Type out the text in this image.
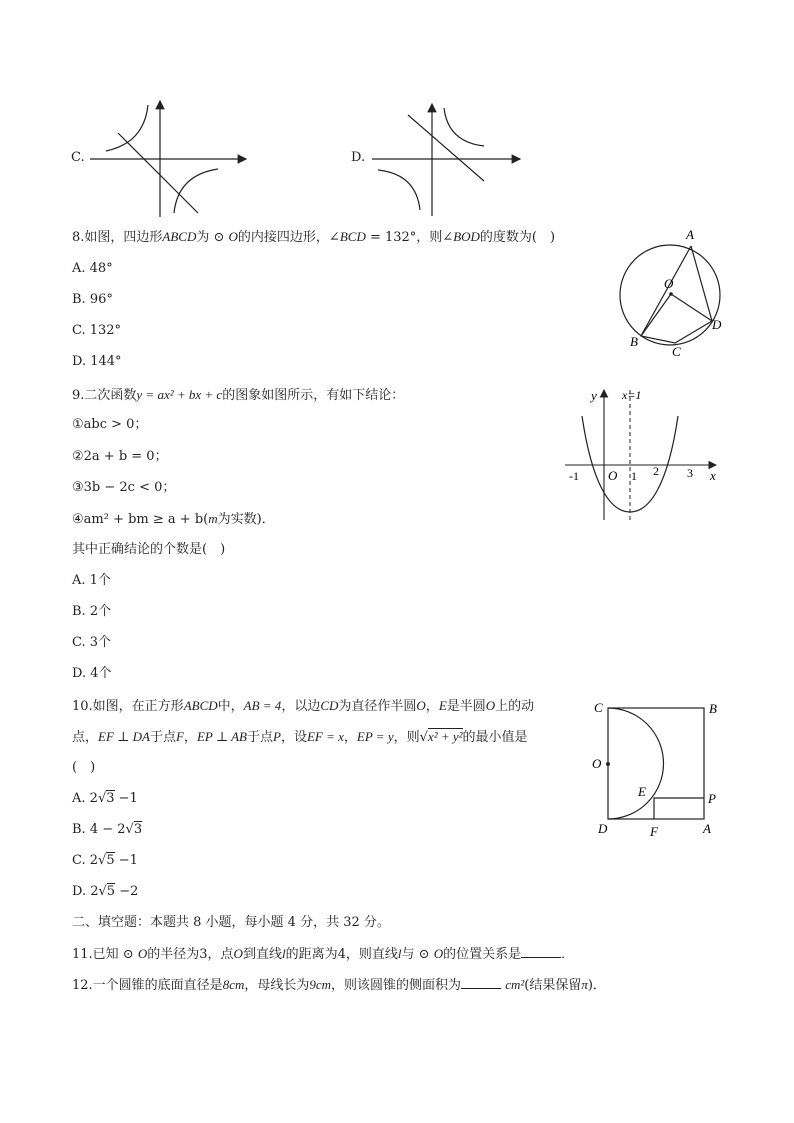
C.	D.
8.如图，四边形ABCD为 ⊙ O的内接四边形，∠BCD = 132°，则∠BOD的度数为(　)
A. 48°
B. 96°
C. 132°
D. 144°
A
O
B
C
D
9.二次函数y = ax² + bx + c的图象如图所示，有如下结论：
①abc > 0；
②2a + b = 0；
③3b − 2c < 0；
④am² + bm ≥ a + b(m为实数)．
其中正确结论的个数是(　)
A. 1个
B. 2个
C. 3个
D. 4个
y x=1
-1 O 1 2 3 x
10.如图，在正方形ABCD中，AB = 4，以边CD为直径作半圆O，E是半圆O上的动
点，EF ⊥ DA于点F，EP ⊥ AB于点P，设EF = x，EP = y，则√x² + y²的最小值是
(　)
A. 2√3 −1
B. 4 − 2√3
C. 2√5 −1
D. 2√5 −2
C	B
O
E	P
D	F	A
二、填空题：本题共 8 小题，每小题 4 分，共 32 分。
11.已知 ⊙ O的半径为3，点O到直线l的距离为4，则直线l与 ⊙ O的位置关系是	．
12.一个圆锥的底面直径是8cm，母线长为9cm，则该圆锥的侧面积为	cm²(结果保留π)．
